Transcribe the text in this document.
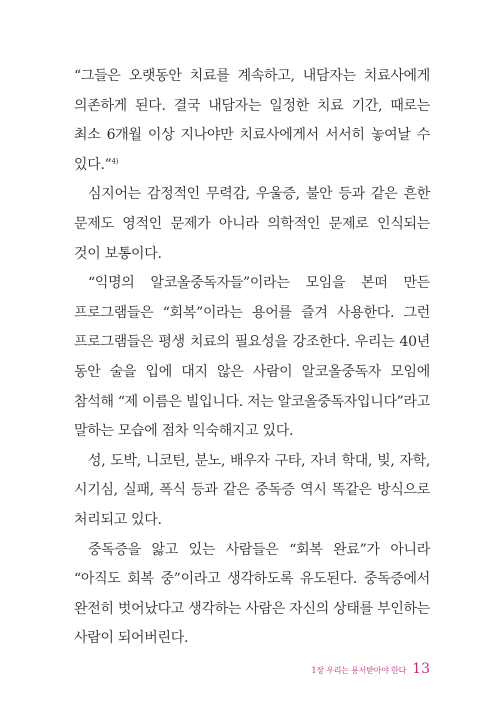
“그들은 오랫동안 치료를 계속하고, 내담자는 치료사에게 의존하게 된다. 결국 내담자는 일정한 치료 기간, 때로는 최소 6개월 이상 지나야만 치료사에게서 서서히 놓여날 수 있다.”$^{4)}$

심지어는 감정적인 무력감, 우울증, 불안 등과 같은 흔한 문제도 영적인 문제가 아니라 의학적인 문제로 인식되는 것이 보통이다.

“익명의 알코올중독자들”이라는 모임을 본떠 만든 프로그램들은 “회복”이라는 용어를 즐겨 사용한다. 그런 프로그램들은 평생 치료의 필요성을 강조한다. 우리는 40년 동안 술을 입에 대지 않은 사람이 알코올중독자 모임에 참석해 “제 이름은 빌입니다. 저는 알코올중독자입니다”라고 말하는 모습에 점차 익숙해지고 있다.

성, 도박, 니코틴, 분노, 배우자 구타, 자녀 학대, 빚, 자학, 시기심, 실패, 폭식 등과 같은 중독증 역시 똑같은 방식으로 처리되고 있다.

중독증을 앓고 있는 사람들은 “회복 완료”가 아니라 “아직도 회복 중”이라고 생각하도록 유도된다. 중독증에서 완전히 벗어났다고 생각하는 사람은 자신의 상태를 부인하는 사람이 되어버린다.

1장 우리는 용서받아야 한다 13
